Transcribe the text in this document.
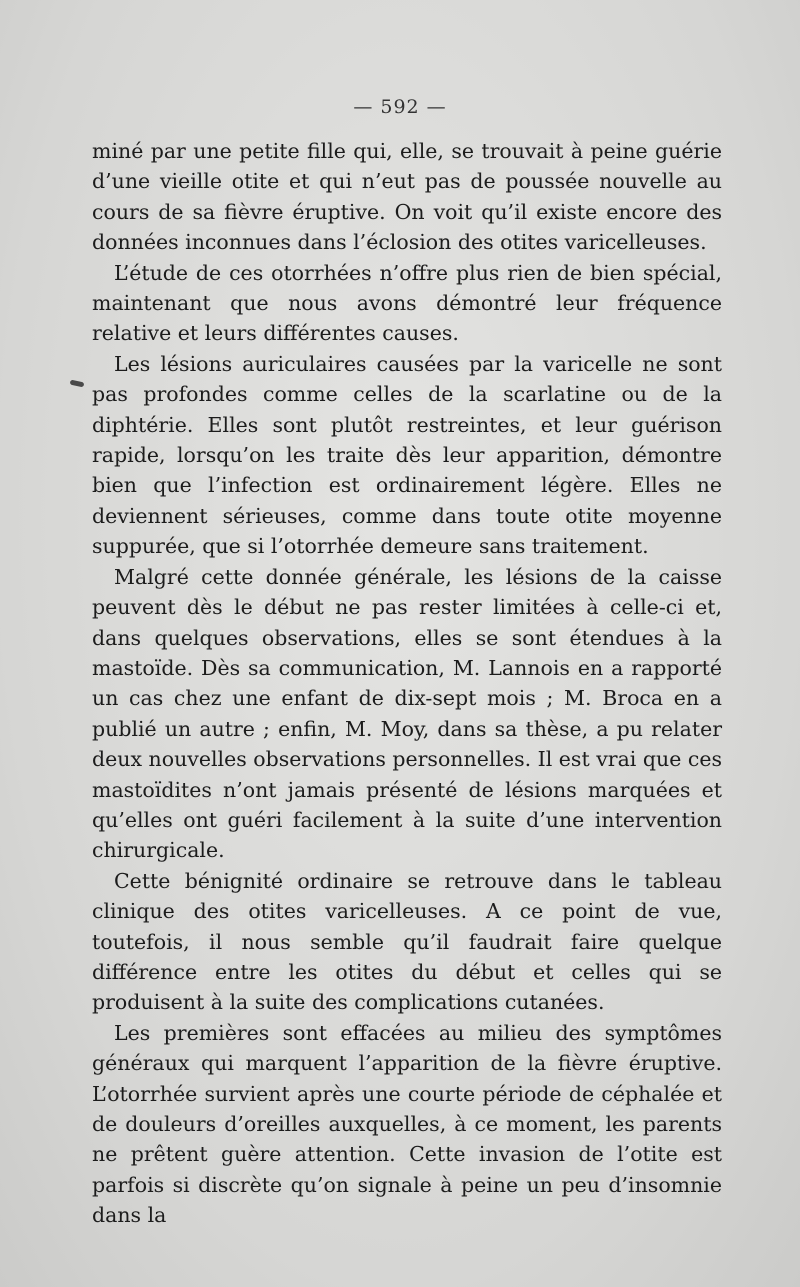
— 592 —

miné par une petite fille qui, elle, se trouvait à peine guérie d’une vieille otite et qui n’eut pas de poussée nouvelle au cours de sa fièvre éruptive. On voit qu’il existe encore des données inconnues dans l’éclosion des otites varicelleuses.

L’étude de ces otorrhées n’offre plus rien de bien spécial, maintenant que nous avons démontré leur fréquence relative et leurs différentes causes.

Les lésions auriculaires causées par la varicelle ne sont pas profondes comme celles de la scarlatine ou de la diphtérie. Elles sont plutôt restreintes, et leur guérison rapide, lorsqu’on les traite dès leur apparition, démontre bien que l’infection est ordinairement légère. Elles ne deviennent sérieuses, comme dans toute otite moyenne suppurée, que si l’otorrhée demeure sans traitement.

Malgré cette donnée générale, les lésions de la caisse peuvent dès le début ne pas rester limitées à celle-ci et, dans quelques observations, elles se sont étendues à la mastoïde. Dès sa communication, M. Lannois en a rapporté un cas chez une enfant de dix-sept mois ; M. Broca en a publié un autre ; enfin, M. Moy, dans sa thèse, a pu relater deux nouvelles observations personnelles. Il est vrai que ces mastoïdites n’ont jamais présenté de lésions marquées et qu’elles ont guéri facilement à la suite d’une intervention chirurgicale.

Cette bénignité ordinaire se retrouve dans le tableau clinique des otites varicelleuses. A ce point de vue, toutefois, il nous semble qu’il faudrait faire quelque différence entre les otites du début et celles qui se produisent à la suite des complications cutanées.

Les premières sont effacées au milieu des symptômes généraux qui marquent l’apparition de la fièvre éruptive. L’otorrhée survient après une courte période de céphalée et de douleurs d’oreilles auxquelles, à ce moment, les parents ne prêtent guère attention. Cette invasion de l’otite est parfois si discrète qu’on signale à peine un peu d’insomnie dans la
